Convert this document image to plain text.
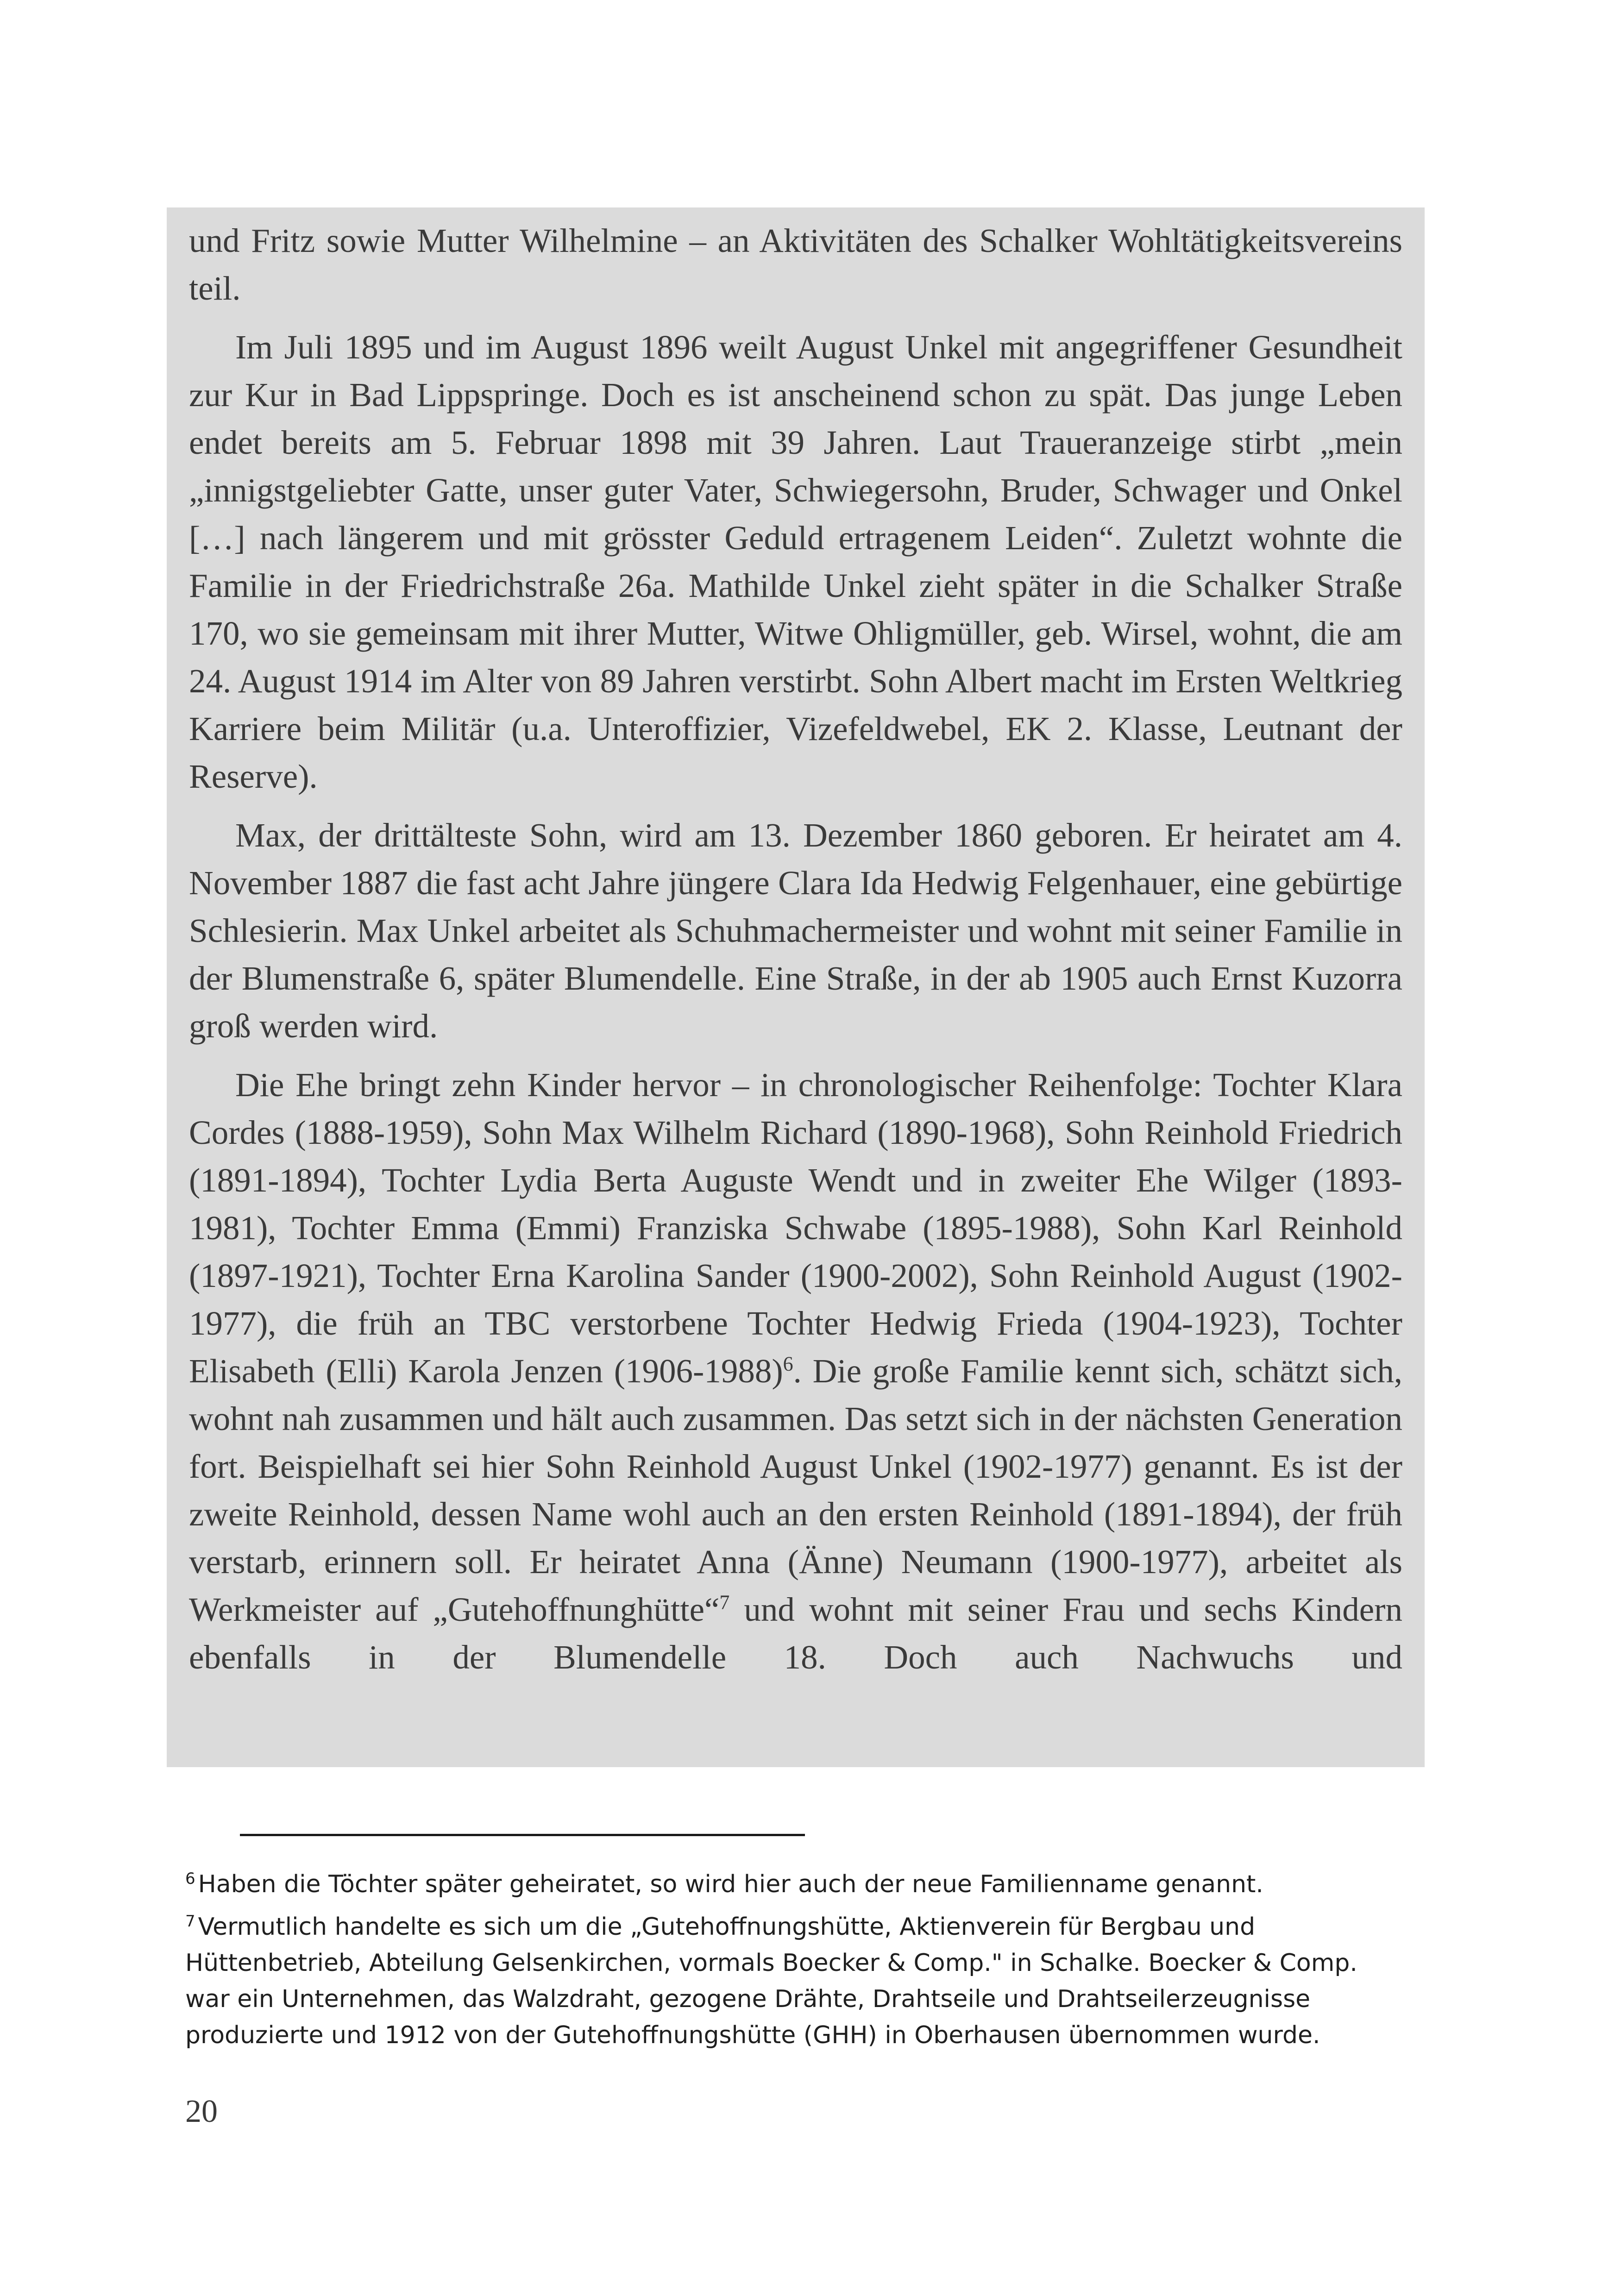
und Fritz sowie Mutter Wilhelmine – an Aktivitäten des Schalker Wohltätigkeitsvereins teil.

Im Juli 1895 und im August 1896 weilt August Unkel mit angegriffener Gesundheit zur Kur in Bad Lippspringe. Doch es ist anscheinend schon zu spät. Das junge Leben endet bereits am 5. Februar 1898 mit 39 Jahren. Laut Traueranzeige stirbt „mein „innigstgeliebter Gatte, unser guter Vater, Schwiegersohn, Bruder, Schwager und Onkel […] nach längerem und mit grösster Geduld ertragenem Leiden“. Zuletzt wohnte die Familie in der Friedrichstraße 26a. Mathilde Unkel zieht später in die Schalker Straße 170, wo sie gemeinsam mit ihrer Mutter, Witwe Ohligmüller, geb. Wirsel, wohnt, die am 24. August 1914 im Alter von 89 Jahren verstirbt. Sohn Albert macht im Ersten Weltkrieg Karriere beim Militär (u.a. Unteroffizier, Vizefeldwebel, EK 2. Klasse, Leutnant der Reserve).

Max, der drittälteste Sohn, wird am 13. Dezember 1860 geboren. Er heiratet am 4. November 1887 die fast acht Jahre jüngere Clara Ida Hedwig Felgenhauer, eine gebürtige Schlesierin. Max Unkel arbeitet als Schuhmachermeister und wohnt mit seiner Familie in der Blumenstraße 6, später Blumendelle. Eine Straße, in der ab 1905 auch Ernst Kuzorra groß werden wird.

Die Ehe bringt zehn Kinder hervor – in chronologischer Reihenfolge: Tochter Klara Cordes (1888-1959), Sohn Max Wilhelm Richard (1890-1968), Sohn Reinhold Friedrich (1891-1894), Tochter Lydia Berta Auguste Wendt und in zweiter Ehe Wilger (1893-1981), Tochter Emma (Emmi) Franziska Schwabe (1895-1988), Sohn Karl Reinhold (1897-1921), Tochter Erna Karolina Sander (1900-2002), Sohn Reinhold August (1902-1977), die früh an TBC verstorbene Tochter Hedwig Frieda (1904-1923), Tochter Elisabeth (Elli) Karola Jenzen (1906-1988)$^6$. Die große Familie kennt sich, schätzt sich, wohnt nah zusammen und hält auch zusammen. Das setzt sich in der nächsten Generation fort. Beispielhaft sei hier Sohn Reinhold August Unkel (1902-1977) genannt. Es ist der zweite Reinhold, dessen Name wohl auch an den ersten Reinhold (1891-1894), der früh verstarb, erinnern soll. Er heiratet Anna (Änne) Neumann (1900-1977), arbeitet als Werkmeister auf „Gutehoffnunghütte“$^7$ und wohnt mit seiner Frau und sechs Kindern ebenfalls in der Blumendelle 18. Doch auch Nachwuchs und

$^6$ Haben die Töchter später geheiratet, so wird hier auch der neue Familienname genannt.

$^7$ Vermutlich handelte es sich um die „Gutehoffnungshütte, Aktienverein für Bergbau und Hüttenbetrieb, Abteilung Gelsenkirchen, vormals Boecker & Comp." in Schalke. Boecker & Comp. war ein Unternehmen, das Walzdraht, gezogene Drähte, Drahtseile und Drahtseilerzeugnisse produzierte und 1912 von der Gutehoffnungshütte (GHH) in Oberhausen übernommen wurde.

20
